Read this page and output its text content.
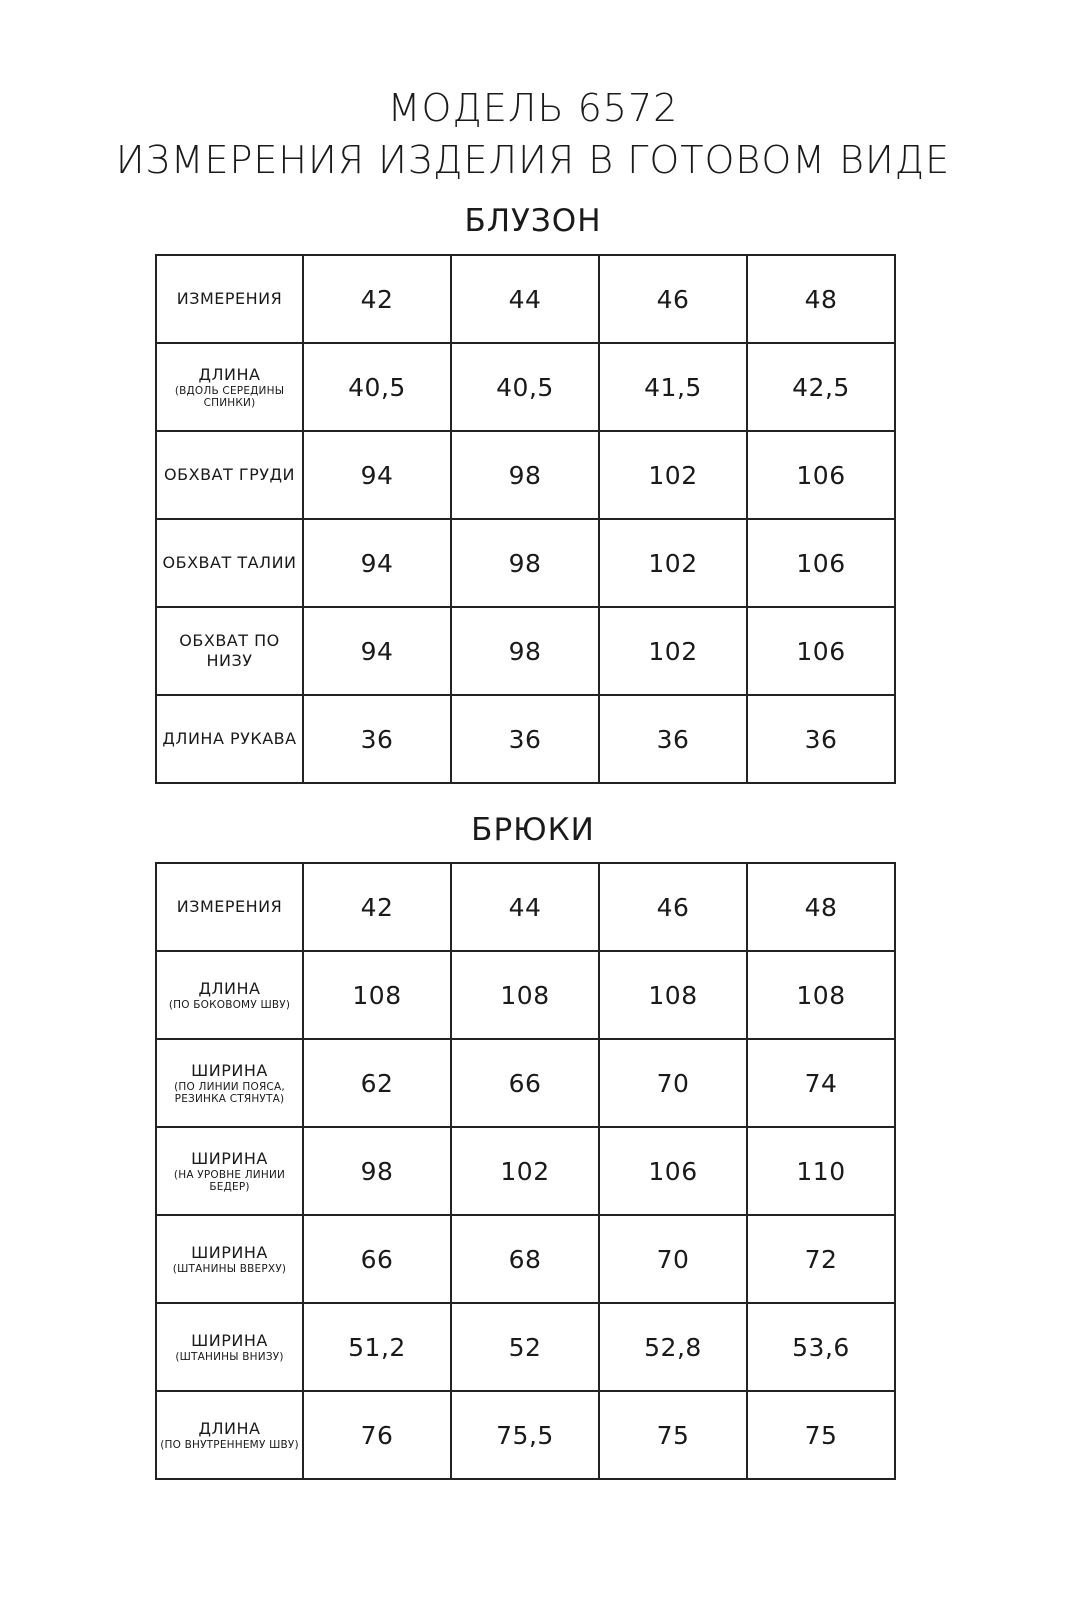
МОДЕЛЬ 6572
ИЗМЕРЕНИЯ ИЗДЕЛИЯ В ГОТОВОМ ВИДЕ
БЛУЗОН
ИЗМЕРЕНИЯ	42	44	46	48

ДЛИНА
(ВДОЛЬ СЕРЕДИНЫ СПИНКИ)	40,5	40,5	41,5	42,5

ОБХВАТ ГРУДИ	94	98	102	106

ОБХВАТ ТАЛИИ	94	98	102	106

ОБХВАТ ПО НИЗУ	94	98	102	106

ДЛИНА РУКАВА	36	36	36	36
БРЮКИ
ИЗМЕРЕНИЯ	42	44	46	48

ДЛИНА
(ПО БОКОВОМУ ШВУ)	108	108	108	108

ШИРИНА
(ПО ЛИНИИ ПОЯСА, РЕЗИНКА СТЯНУТА)	62	66	70	74

ШИРИНА
(НА УРОВНЕ ЛИНИИ БЕДЕР)	98	102	106	110

ШИРИНА
(ШТАНИНЫ ВВЕРХУ)	66	68	70	72

ШИРИНА
(ШТАНИНЫ ВНИЗУ)	51,2	52	52,8	53,6

ДЛИНА
(ПО ВНУТРЕННЕМУ ШВУ)	76	75,5	75	75
